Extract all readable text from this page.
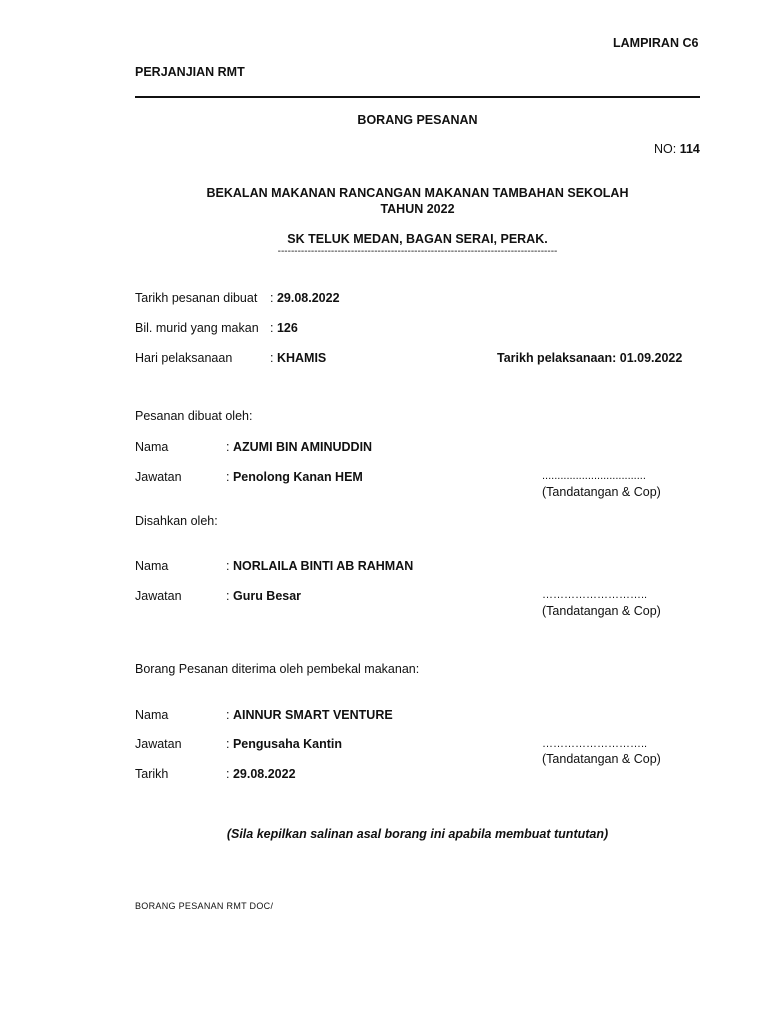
LAMPIRAN C6
PERJANJIAN RMT
BORANG PESANAN
NO: 114
BEKALAN MAKANAN RANCANGAN MAKANAN TAMBAHAN SEKOLAH
TAHUN 2022
SK TELUK MEDAN, BAGAN SERAI, PERAK.
------------------------------------------------------------------------------------
Tarikh pesanan dibuat : 29.08.2022
Bil. murid yang makan : 126
Hari pelaksanaan	: KHAMIS	Tarikh pelaksanaan: 01.09.2022
Pesanan dibuat oleh:
Nama	: AZUMI BIN AMINUDDIN
Jawatan	: Penolong Kanan HEM	..................................
(Tandatangan & Cop)
Disahkan oleh:
Nama	: NORLAILA BINTI AB RAHMAN
Jawatan	: Guru Besar	………………………..
(Tandatangan & Cop)
Borang Pesanan diterima oleh pembekal makanan:
Nama	: AINNUR SMART VENTURE
Jawatan	: Pengusaha Kantin	………………………..
(Tandatangan & Cop)
Tarikh	: 29.08.2022
(Sila kepilkan salinan asal borang ini apabila membuat tuntutan)
BORANG PESANAN RMT DOC/
